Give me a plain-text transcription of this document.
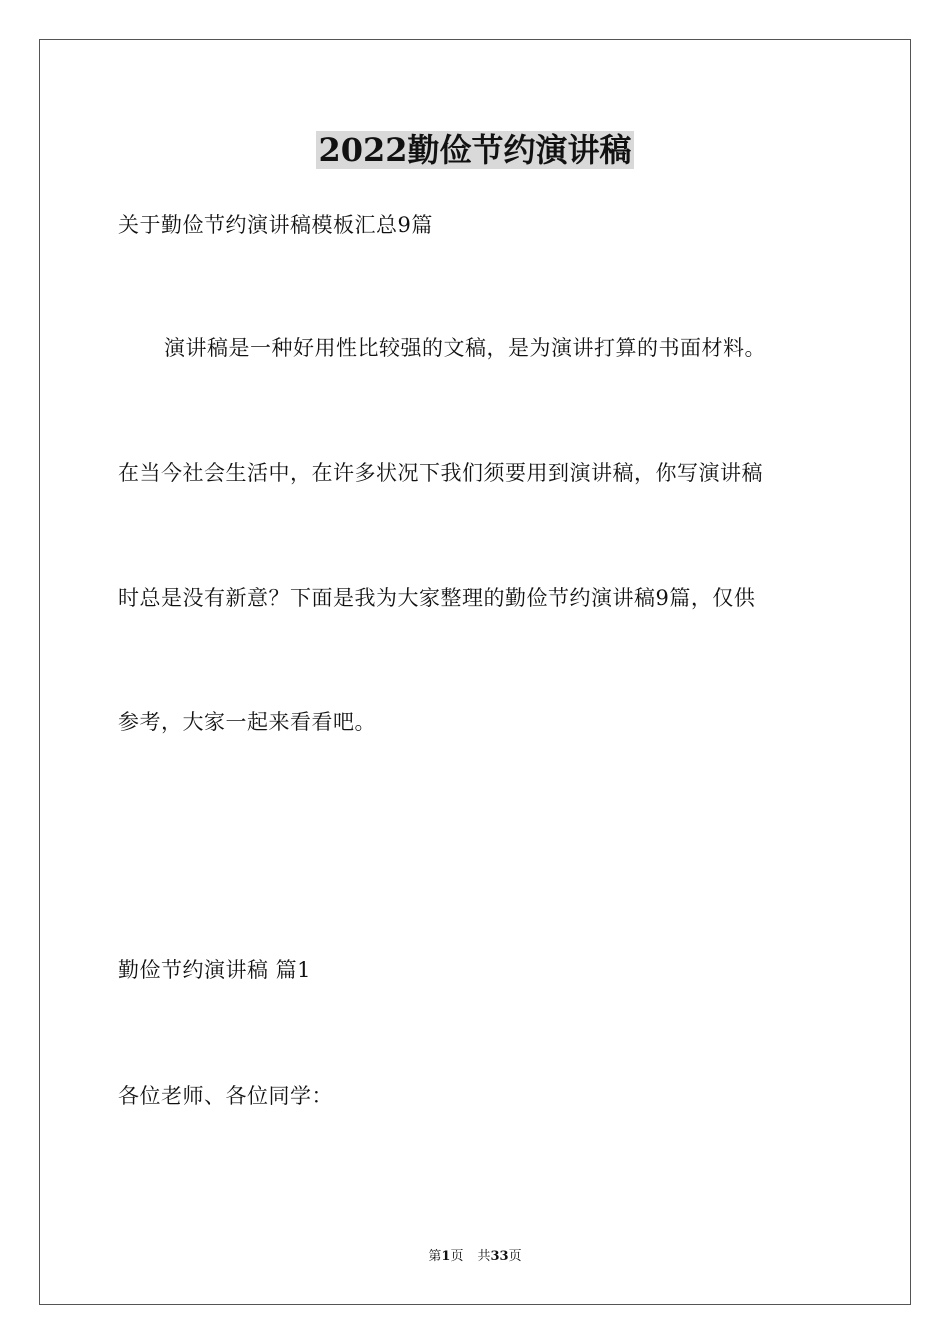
2022勤俭节约演讲稿
关于勤俭节约演讲稿模板汇总9篇
演讲稿是一种好用性比较强的文稿，是为演讲打算的书面材料。
在当今社会生活中，在许多状况下我们须要用到演讲稿，你写演讲稿
时总是没有新意？下面是我为大家整理的勤俭节约演讲稿9篇，仅供
参考，大家一起来看看吧。
勤俭节约演讲稿 篇1
各位老师、各位同学：
第1页 共33页
